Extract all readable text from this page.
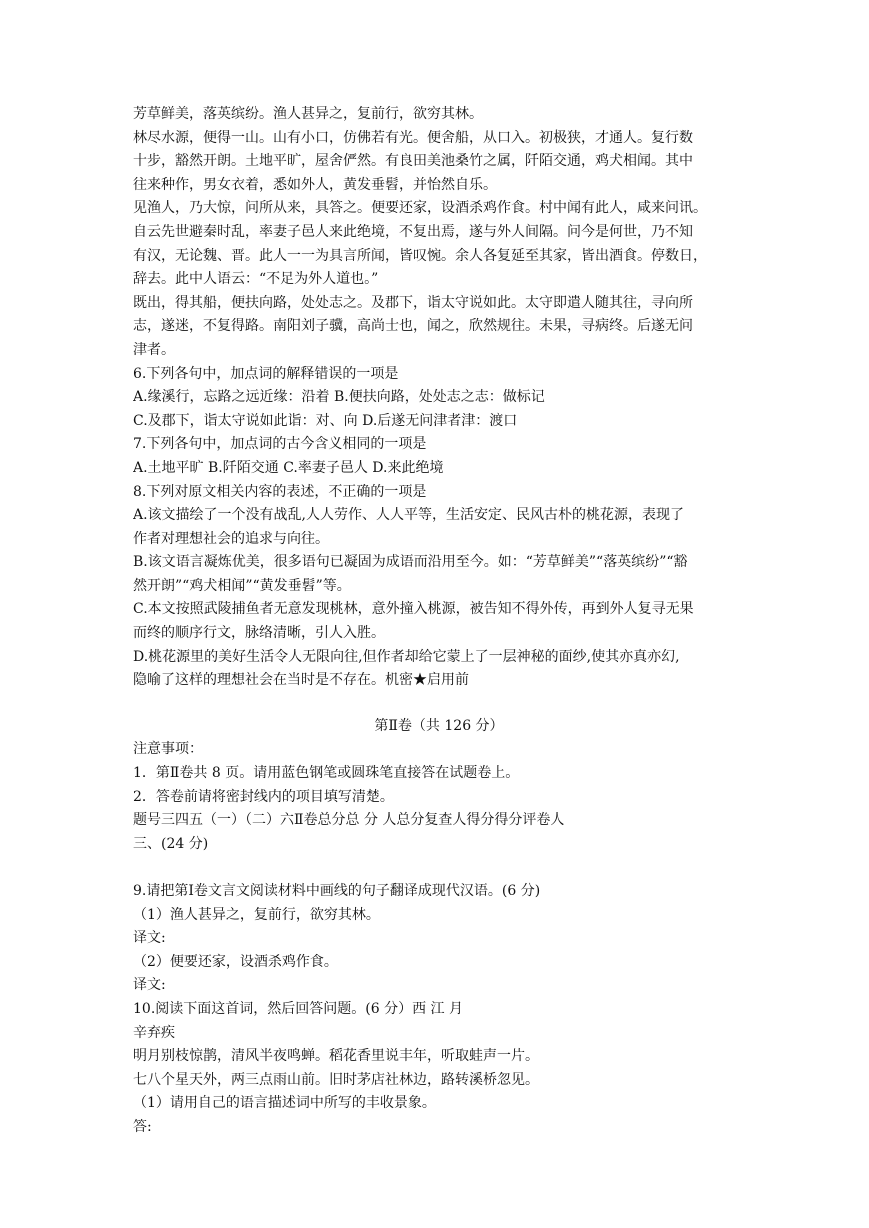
芳草鲜美，落英缤纷。渔人甚异之，复前行，欲穷其林。
林尽水源，便得一山。山有小口，仿佛若有光。便舍船，从口入。初极狭，才通人。复行数
十步，豁然开朗。土地平旷，屋舍俨然。有良田美池桑竹之属，阡陌交通，鸡犬相闻。其中
往来种作，男女衣着，悉如外人，黄发垂髫，并怡然自乐。
见渔人，乃大惊，问所从来，具答之。便要还家，设酒杀鸡作食。村中闻有此人，咸来问讯。
自云先世避秦时乱，率妻子邑人来此绝境，不复出焉，遂与外人间隔。问今是何世，乃不知
有汉，无论魏、晋。此人一一为具言所闻，皆叹惋。余人各复延至其家，皆出酒食。停数日，
辞去。此中人语云：“不足为外人道也。”
既出，得其船，便扶向路，处处志之。及郡下，诣太守说如此。太守即遣人随其往，寻向所
志，遂迷，不复得路。南阳刘子骥，高尚士也，闻之，欣然规往。未果，寻病终。后遂无问
津者。
6.下列各句中，加点词的解释错误的一项是
A.缘溪行，忘路之远近缘：沿着 B.便扶向路，处处志之志：做标记
C.及郡下，诣太守说如此诣：对、向 D.后遂无问津者津：渡口
7.下列各句中，加点词的古今含义相同的一项是
A.土地平旷 B.阡陌交通 C.率妻子邑人 D.来此绝境
8.下列对原文相关内容的表述，不正确的一项是
A.该文描绘了一个没有战乱,人人劳作、人人平等，生活安定、民风古朴的桃花源，表现了
作者对理想社会的追求与向往。
B.该文语言凝炼优美，很多语句已凝固为成语而沿用至今。如：“芳草鲜美”“落英缤纷”“豁
然开朗”“鸡犬相闻”“黄发垂髫”等。
C.本文按照武陵捕鱼者无意发现桃林，意外撞入桃源，被告知不得外传，再到外人复寻无果
而终的顺序行文，脉络清晰，引人入胜。
D.桃花源里的美好生活令人无限向往,但作者却给它蒙上了一层神秘的面纱,使其亦真亦幻,
隐喻了这样的理想社会在当时是不存在。机密★启用前
第Ⅱ卷（共 126 分）
注意事项：
1．第Ⅱ卷共 8 页。请用蓝色钢笔或圆珠笔直接答在试题卷上。
2．答卷前请将密封线内的项目填写清楚。
题号三四五（一）（二）六Ⅱ卷总分总 分 人总分复查人得分得分评卷人
三、(24 分)
9.请把第Ⅰ卷文言文阅读材料中画线的句子翻译成现代汉语。(6 分)
（1）渔人甚异之，复前行，欲穷其林。
译文:
（2）便要还家，设酒杀鸡作食。
译文:
10.阅读下面这首词，然后回答问题。(6 分）西 江 月
辛弃疾
明月别枝惊鹊，清风半夜鸣蝉。稻花香里说丰年，听取蛙声一片。
七八个星天外，两三点雨山前。旧时茅店社林边，路转溪桥忽见。
（1）请用自己的语言描述词中所写的丰收景象。
答:
